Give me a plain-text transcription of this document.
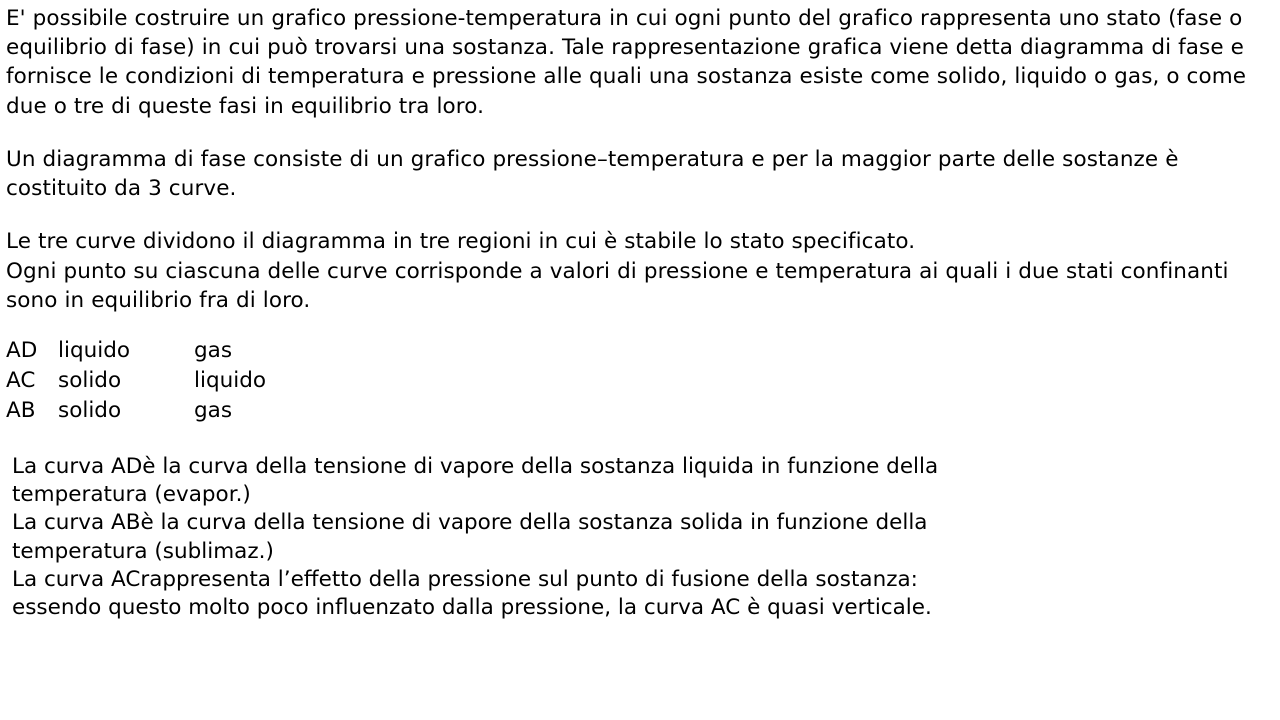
E' possibile costruire un grafico pressione-temperatura in cui ogni punto del grafico rappresenta uno stato (fase o equilibrio di fase) in cui può trovarsi una sostanza. Tale rappresentazione grafica viene detta diagramma di fase e fornisce le condizioni di temperatura e pressione alle quali una sostanza esiste come solido, liquido o gas, o come due o tre di queste fasi in equilibrio tra loro.

Un diagramma di fase consiste di un grafico pressione–temperatura e per la maggior parte delle sostanze è costituito da 3 curve.

Le tre curve dividono il diagramma in tre regioni in cui è stabile lo stato specificato.

Ogni punto su ciascuna delle curve corrisponde a valori di pressione e temperatura ai quali i due stati confinanti sono in equilibrio fra di loro.

AD	liquido	gas
AC	solido	liquido
AB	solido	gas

La curva ADè la curva della tensione di vapore della sostanza liquida in funzione della

temperatura (evapor.)

La curva ABè la curva della tensione di vapore della sostanza solida in funzione della

temperatura (sublimaz.)

La curva ACrappresenta l’effetto della pressione sul punto di fusione della sostanza:

essendo questo molto poco influenzato dalla pressione, la curva AC è quasi verticale.
